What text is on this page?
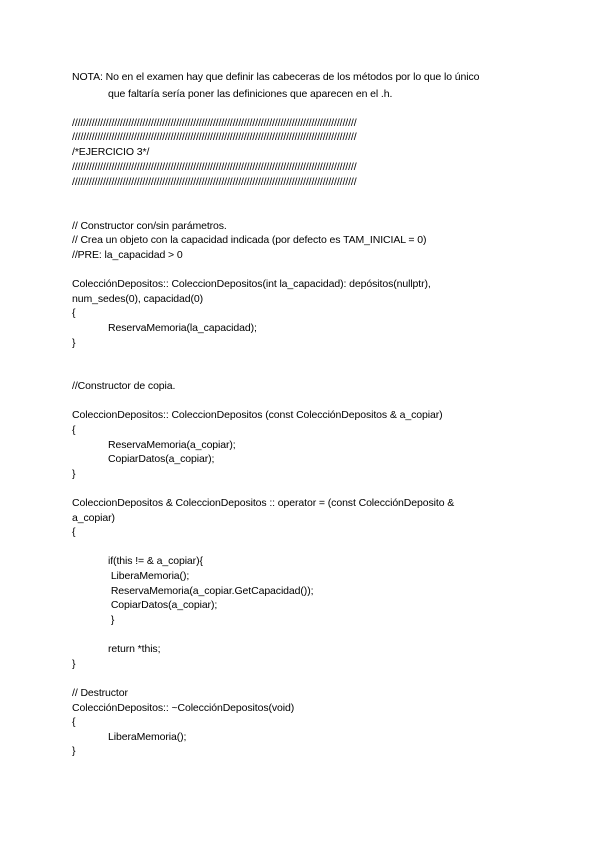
NOTA: No en el examen hay que definir las cabeceras de los métodos por lo que lo único
que faltaría sería poner las definiciones que aparecen en el .h.
/////////////////////////////////////////////////////////////////////////////////////////////////////
/////////////////////////////////////////////////////////////////////////////////////////////////////
/*EJERCICIO 3*/
/////////////////////////////////////////////////////////////////////////////////////////////////////
/////////////////////////////////////////////////////////////////////////////////////////////////////
// Constructor con/sin parámetros.
// Crea un objeto con la capacidad indicada (por defecto es TAM_INICIAL = 0)
//PRE: la_capacidad > 0
ColecciónDepositos:: ColeccionDepositos(int la_capacidad): depósitos(nullptr),
num_sedes(0), capacidad(0)
{
ReservaMemoria(la_capacidad);
}
//Constructor de copia.
ColeccionDepositos:: ColeccionDepositos (const ColecciónDepositos & a_copiar)
{
ReservaMemoria(a_copiar);
CopiarDatos(a_copiar);
}
ColeccionDepositos & ColeccionDepositos :: operator = (const ColecciónDeposito &
a_copiar)
{
if(this != & a_copiar){
LiberaMemoria();
ReservaMemoria(a_copiar.GetCapacidad());
CopiarDatos(a_copiar);
}
return *this;
}
// Destructor
ColecciónDepositos:: ~ColecciónDepositos(void)
{
LiberaMemoria();
}
